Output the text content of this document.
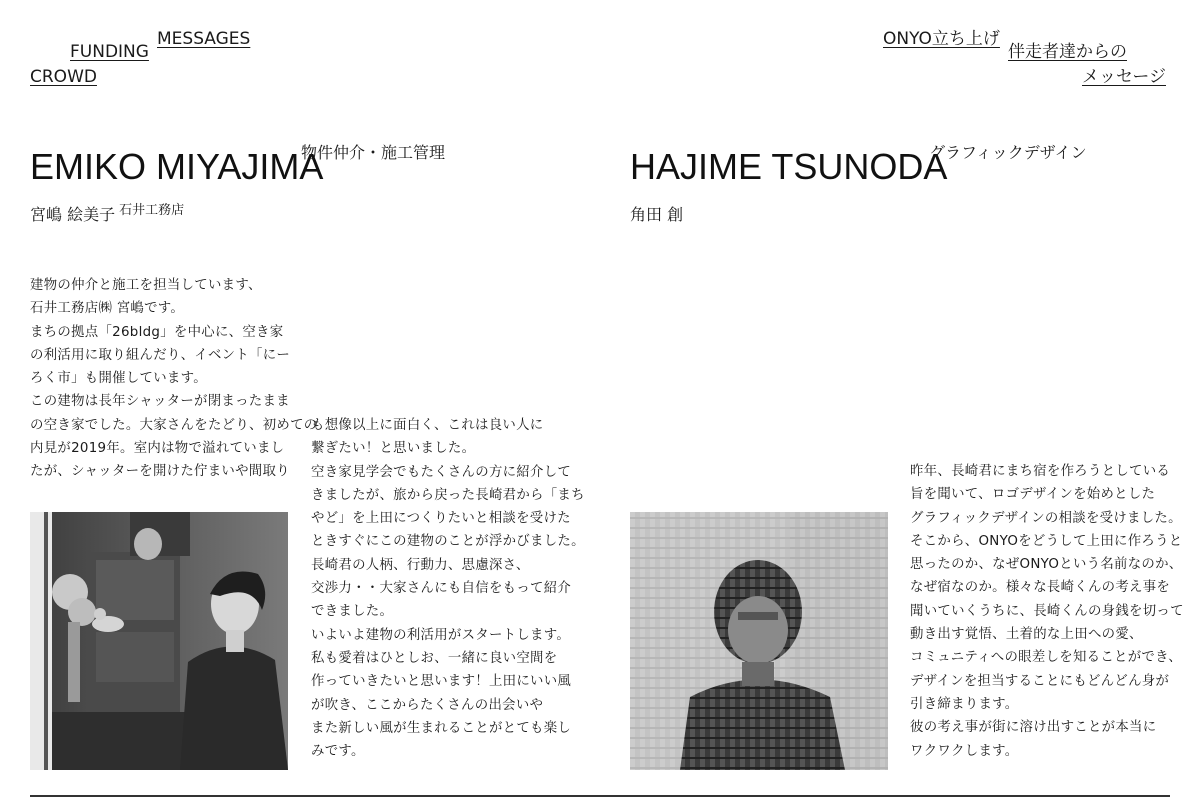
FUNDING
CROWD
MESSAGES	ONYO立ち上げ
伴走者達からの
メッセージ
EMIKO MIYAJIMA
物件仲介・施工管理
宮嶋 絵美子 $^{石井工務店}$

建物の仲介と施工を担当しています、

石井工務店㈱ 宮嶋です。

まちの拠点「26bldg」を中心に、空き家

の利活用に取り組んだり、イベント「にー

ろく市」も開催しています。

この建物は長年シャッターが閉まったまま

の空き家でした。大家さんをたどり、初めての

内見が2019年。室内は物で溢れていまし

たが、シャッターを開けた佇まいや間取り

も想像以上に面白く、これは良い人に

繋ぎたい！と思いました。

空き家見学会でもたくさんの方に紹介して

きましたが、旅から戻った長崎君から「まち

やど」を上田につくりたいと相談を受けた

ときすぐにこの建物のことが浮かびました。

長崎君の人柄、行動力、思慮深さ、

交渉力・・大家さんにも自信をもって紹介

できました。

いよいよ建物の利活用がスタートします。

私も愛着はひとしお、一緒に良い空間を

作っていきたいと思います！上田にいい風

が吹き、ここからたくさんの出会いや

また新しい風が生まれることがとても楽し

みです。

HAJIME TSUNODA
グラフィックデザイン
角田 創

昨年、長崎君にまち宿を作ろうとしている

旨を聞いて、ロゴデザインを始めとした

グラフィックデザインの相談を受けました。

そこから、ONYOをどうして上田に作ろうと

思ったのか、なぜONYOという名前なのか、

なぜ宿なのか。様々な長崎くんの考え事を

聞いていくうちに、長崎くんの身銭を切って

動き出す覚悟、土着的な上田への愛、

コミュニティへの眼差しを知ることができ、

デザインを担当することにもどんどん身が

引き締まります。

彼の考え事が街に溶け出すことが本当に

ワクワクします。
